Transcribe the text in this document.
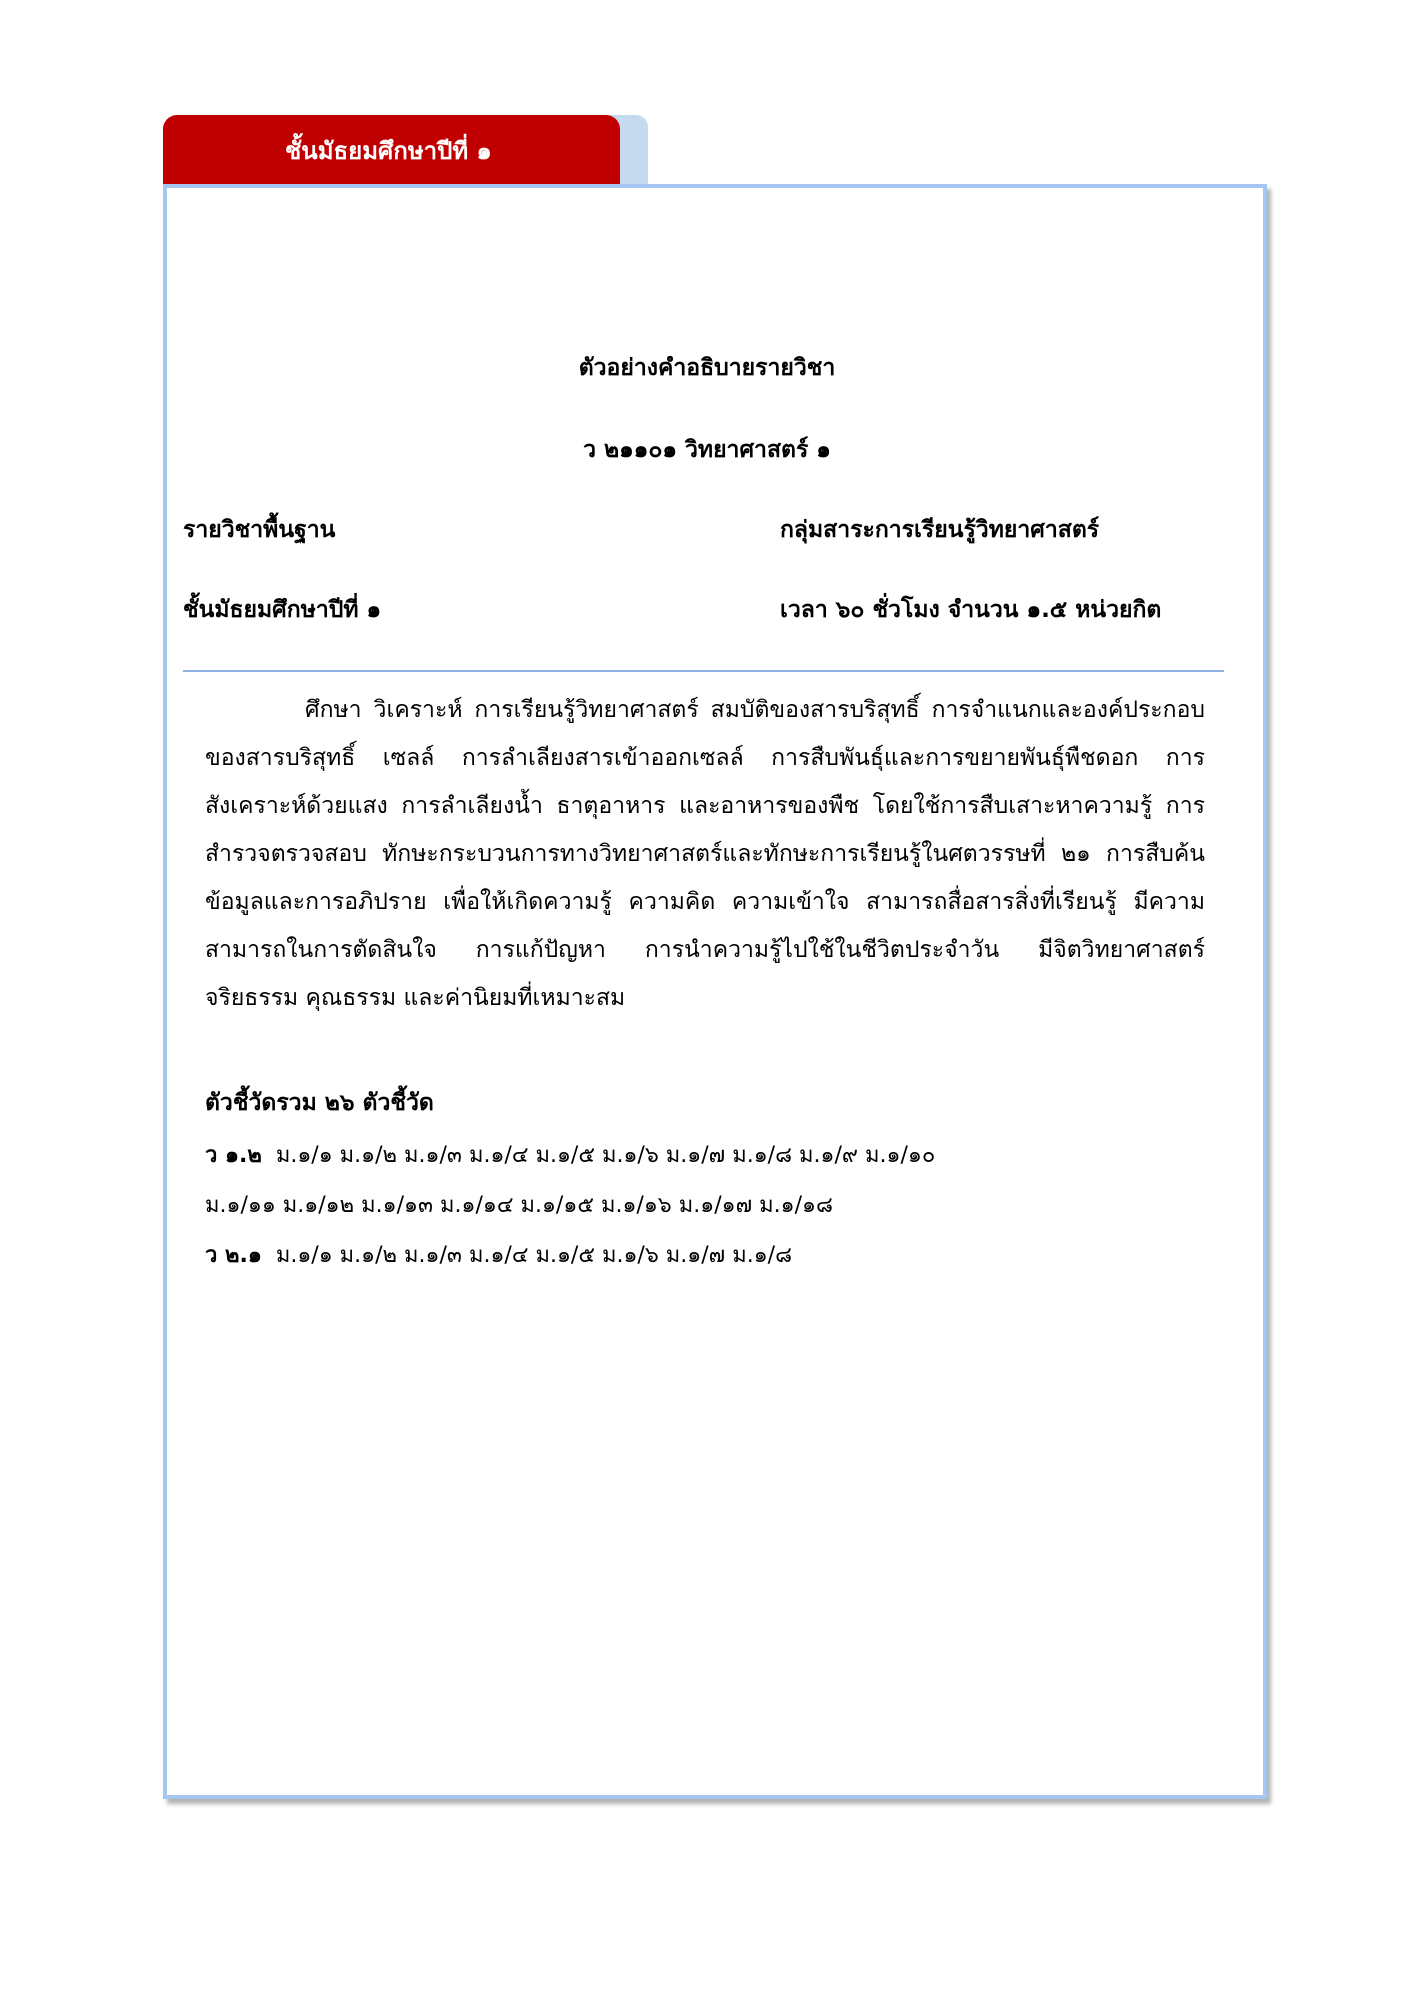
ชั้นมัธยมศึกษาปีที่ ๑
ตัวอย่างคำอธิบายรายวิชา
ว ๒๑๑๐๑ วิทยาศาสตร์ ๑
รายวิชาพื้นฐาน	กลุ่มสาระการเรียนรู้วิทยาศาสตร์
ชั้นมัธยมศึกษาปีที่ ๑	เวลา ๖๐ ชั่วโมง จำนวน ๑.๕ หน่วยกิต

ศึกษา วิเคราะห์ การเรียนรู้วิทยาศาสตร์ สมบัติของสารบริสุทธิ์ การจำแนกและองค์ประกอบของสารบริสุทธิ์ เซลล์ การลำเลียงสารเข้าออกเซลล์ การสืบพันธุ์และการขยายพันธุ์พืชดอก การสังเคราะห์ด้วยแสง การลำเลียงน้ำ ธาตุอาหาร และอาหารของพืช โดยใช้การสืบเสาะหาความรู้ การสำรวจตรวจสอบ ทักษะกระบวนการทางวิทยาศาสตร์และทักษะการเรียนรู้ในศตวรรษที่ ๒๑ การสืบค้นข้อมูลและการอภิปราย เพื่อให้เกิดความรู้ ความคิด ความเข้าใจ สามารถสื่อสารสิ่งที่เรียนรู้ มีความสามารถในการตัดสินใจ การแก้ปัญหา การนำความรู้ไปใช้ในชีวิตประจำวัน มีจิตวิทยาศาสตร์ จริยธรรม คุณธรรม และค่านิยมที่เหมาะสม

ตัวชี้วัดรวม ๒๖ ตัวชี้วัด
ว ๑.๒ ม.๑/๑ ม.๑/๒ ม.๑/๓ ม.๑/๔ ม.๑/๕ ม.๑/๖ ม.๑/๗ ม.๑/๘ ม.๑/๙ ม.๑/๑๐
ม.๑/๑๑ ม.๑/๑๒ ม.๑/๑๓ ม.๑/๑๔ ม.๑/๑๕ ม.๑/๑๖ ม.๑/๑๗ ม.๑/๑๘
ว ๒.๑ ม.๑/๑ ม.๑/๒ ม.๑/๓ ม.๑/๔ ม.๑/๕ ม.๑/๖ ม.๑/๗ ม.๑/๘
